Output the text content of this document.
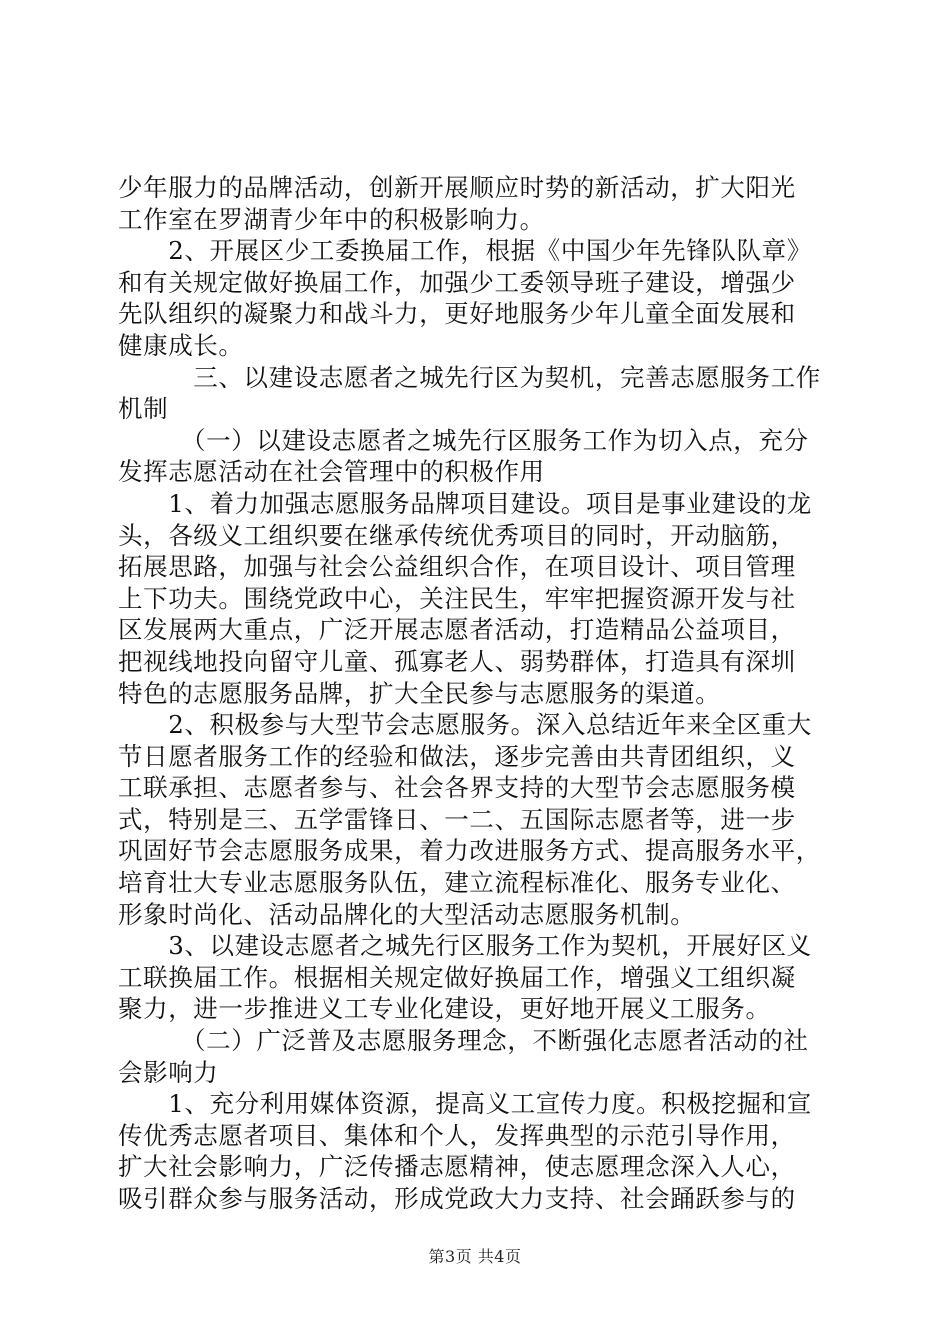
少年服力的品牌活动，创新开展顺应时势的新活动，扩大阳光
工作室在罗湖青少年中的积极影响力。
　　2、开展区少工委换届工作，根据《中国少年先锋队队章》
和有关规定做好换届工作，加强少工委领导班子建设，增强少
先队组织的凝聚力和战斗力，更好地服务少年儿童全面发展和
健康成长。
　　　三、以建设志愿者之城先行区为契机，完善志愿服务工作
机制
　　　（一）以建设志愿者之城先行区服务工作为切入点，充分
发挥志愿活动在社会管理中的积极作用
　　1、着力加强志愿服务品牌项目建设。项目是事业建设的龙
头，各级义工组织要在继承传统优秀项目的同时，开动脑筋，
拓展思路，加强与社会公益组织合作，在项目设计、项目管理
上下功夫。围绕党政中心，关注民生，牢牢把握资源开发与社
区发展两大重点，广泛开展志愿者活动，打造精品公益项目，
把视线地投向留守儿童、孤寡老人、弱势群体，打造具有深圳
特色的志愿服务品牌，扩大全民参与志愿服务的渠道。
　　2、积极参与大型节会志愿服务。深入总结近年来全区重大
节日愿者服务工作的经验和做法，逐步完善由共青团组织，义
工联承担、志愿者参与、社会各界支持的大型节会志愿服务模
式，特别是三、五学雷锋日、一二、五国际志愿者等，进一步
巩固好节会志愿服务成果，着力改进服务方式、提高服务水平，
培育壮大专业志愿服务队伍，建立流程标准化、服务专业化、
形象时尚化、活动品牌化的大型活动志愿服务机制。
　　3、以建设志愿者之城先行区服务工作为契机，开展好区义
工联换届工作。根据相关规定做好换届工作，增强义工组织凝
聚力，进一步推进义工专业化建设，更好地开展义工服务。
　　　（二）广泛普及志愿服务理念，不断强化志愿者活动的社
会影响力
　　1、充分利用媒体资源，提高义工宣传力度。积极挖掘和宣
传优秀志愿者项目、集体和个人，发挥典型的示范引导作用，
扩大社会影响力，广泛传播志愿精神，使志愿理念深入人心，
吸引群众参与服务活动，形成党政大力支持、社会踊跃参与的
第3页 共4页
